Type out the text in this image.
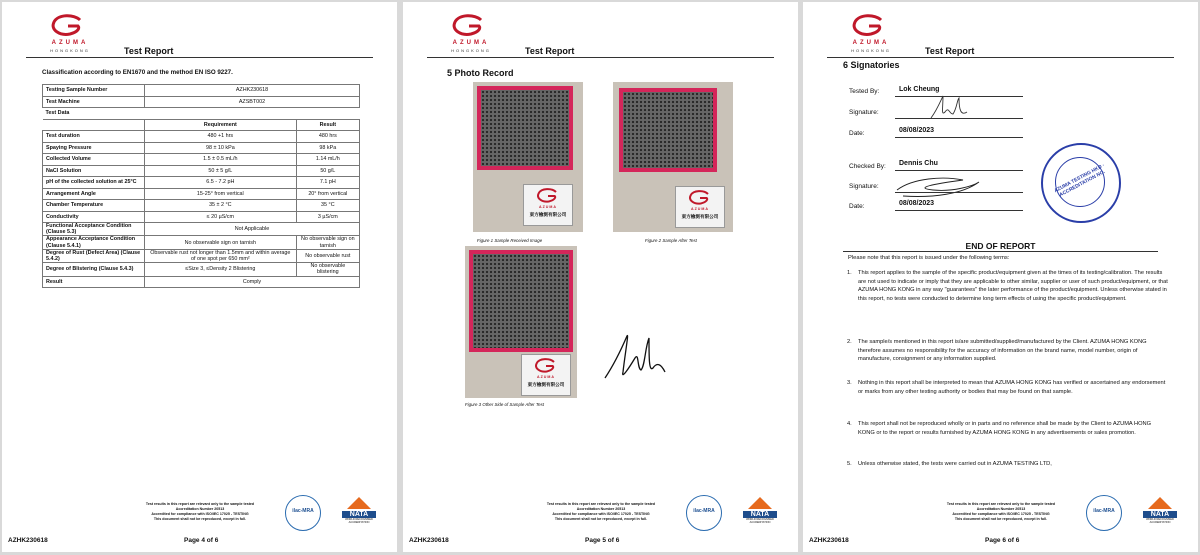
AZUMA
HONGKONG	Test Report
Classification according to EN1670 and the method EN ISO 9227.
Testing Sample Number	AZHK230618	
Test Machine	AZSBT002	
Test Data		
	Requirement	Result
Test duration	480 +1 hrs	480 hrs
Spaying Pressure	98 ± 10 kPa	98 kPa
Collected Volume	1.5 ± 0.5 mL/h	1.14 mL/h
NaCl Solution	50 ± 5 g/L	50 g/L
pH of the collected solution at 25°C	6.5 - 7.2 pH	7.1 pH
Arrangement Angle	15-25° from vertical	20° from vertical
Chamber Temperature	35 ± 2 °C	35 °C
Conductivity	≤ 20 µS/cm	3 µS/cm
Functional Acceptance Condition (Clause 5.3)	Not Applicable	
Appearance Acceptance Condition (Clause 5.4.1)	No observable sign on tarnish	No observable sign on tarnish
Degree of Rust (Defect Area) (Clause 5.4.2)	Observable rust not longer than 1.5mm and within average of one spot per 650 mm²	No observable rust
Degree of Blistering (Clause 5.4.3)	≤Size 3, ≤Density 2 Blistering	No observable blistering
Result	Comply	
Test results in this report are relevant only to the sample tested
Accreditation Number 20513
Accredited for compliance with ISO/IEC 17025 - TESTING
This document shall not be reproduced, except in full.
ilac-MRA	NATA
WORLD RECOGNISED ACCREDITATION
AZHK230618	Page 4 of 6
AZUMA
HONGKONG	Test Report
5 Photo Record
AZUMA
東方檢測有限公司
Figure 1 Sample Received Image
AZUMA
東方檢測有限公司
Figure 2 Sample After Test
AZUMA
東方檢測有限公司
Figure 3 Other Side of Sample After Test
Test results in this report are relevant only to the sample tested
Accreditation Number 20513
Accredited for compliance with ISO/IEC 17025 - TESTING
This document shall not be reproduced, except in full.
ilac-MRA	NATA
WORLD RECOGNISED ACCREDITATION
AZHK230618	Page 5 of 6
AZUMA
HONGKONG	Test Report
6 Signatories
Tested By:	Lok Cheung
Signature:
Date:	08/08/2023
Checked By: Dennis Chu
Signature:
Date:	08/08/2023
AZUMA TESTING HKD · ACCREDITATION NO.
END OF REPORT
Please note that this report is issued under the following terms:
1. This report applies to the sample of the specific product/equipment given at the times of its testing/calibration. The results are not used to indicate or imply that they are applicable to other similar, supplier or user of such product/equipment, or that AZUMA HONG KONG in any way "guarantees" the later performance of the product/equipment. Unless otherwise stated in this report, no tests were conducted to determine long term effects of using the specific product/equipment.
2. The sample/s mentioned in this report is/are submitted/supplied/manufactured by the Client. AZUMA HONG KONG therefore assumes no responsibility for the accuracy of information on the brand name, model number, origin of manufacture, consignment or any information supplied.
3. Nothing in this report shall be interpreted to mean that AZUMA HONG KONG has verified or ascertained any endorsement or marks from any other testing authority or bodies that may be found on that sample.
4. This report shall not be reproduced wholly or in parts and no reference shall be made by the Client to AZUMA HONG KONG or to the report or results furnished by AZUMA HONG KONG in any advertisements or sales promotion.
5. Unless otherwise stated, the tests were carried out in AZUMA TESTING LTD,
Test results in this report are relevant only to the sample tested
Accreditation Number 20513
Accredited for compliance with ISO/IEC 17025 - TESTING
This document shall not be reproduced, except in full.
ilac-MRA	NATA
WORLD RECOGNISED ACCREDITATION
AZHK230618	Page 6 of 6
